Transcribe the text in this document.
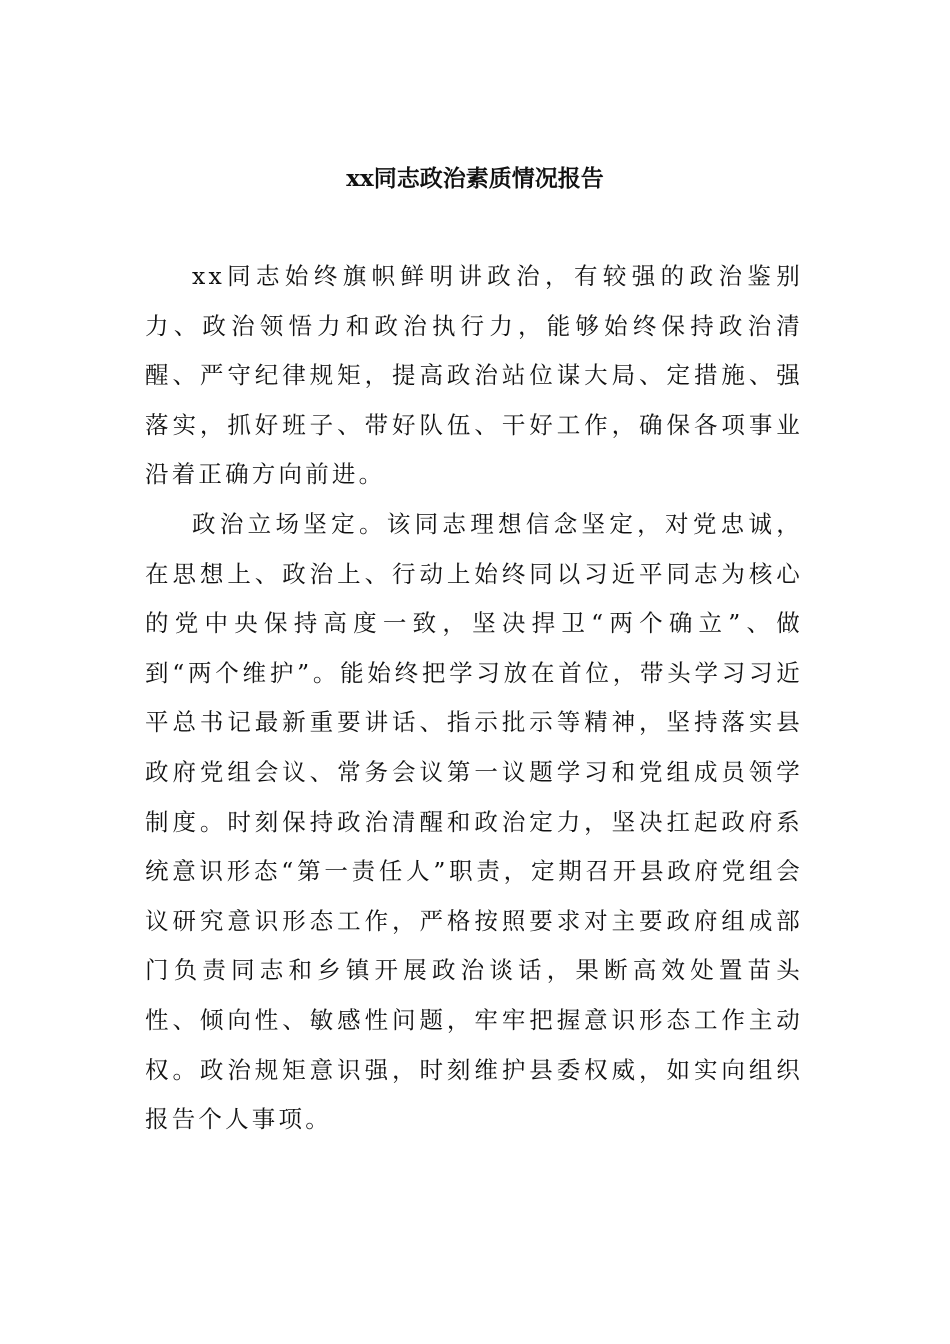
xx同志政治素质情况报告

xx同志始终旗帜鲜明讲政治，有较强的政治鉴别力、政治领悟力和政治执行力，能够始终保持政治清醒、严守纪律规矩，提高政治站位谋大局、定措施、强落实，抓好班子、带好队伍、干好工作，确保各项事业沿着正确方向前进。

政治立场坚定。该同志理想信念坚定，对党忠诚，在思想上、政治上、行动上始终同以习近平同志为核心的党中央保持高度一致，坚决捍卫“两个确立”、做到“两个维护”。能始终把学习放在首位，带头学习习近平总书记最新重要讲话、指示批示等精神，坚持落实县政府党组会议、常务会议第一议题学习和党组成员领学制度。时刻保持政治清醒和政治定力，坚决扛起政府系统意识形态“第一责任人”职责，定期召开县政府党组会议研究意识形态工作，严格按照要求对主要政府组成部门负责同志和乡镇开展政治谈话，果断高效处置苗头性、倾向性、敏感性问题，牢牢把握意识形态工作主动权。政治规矩意识强，时刻维护县委权威，如实向组织报告个人事项。
